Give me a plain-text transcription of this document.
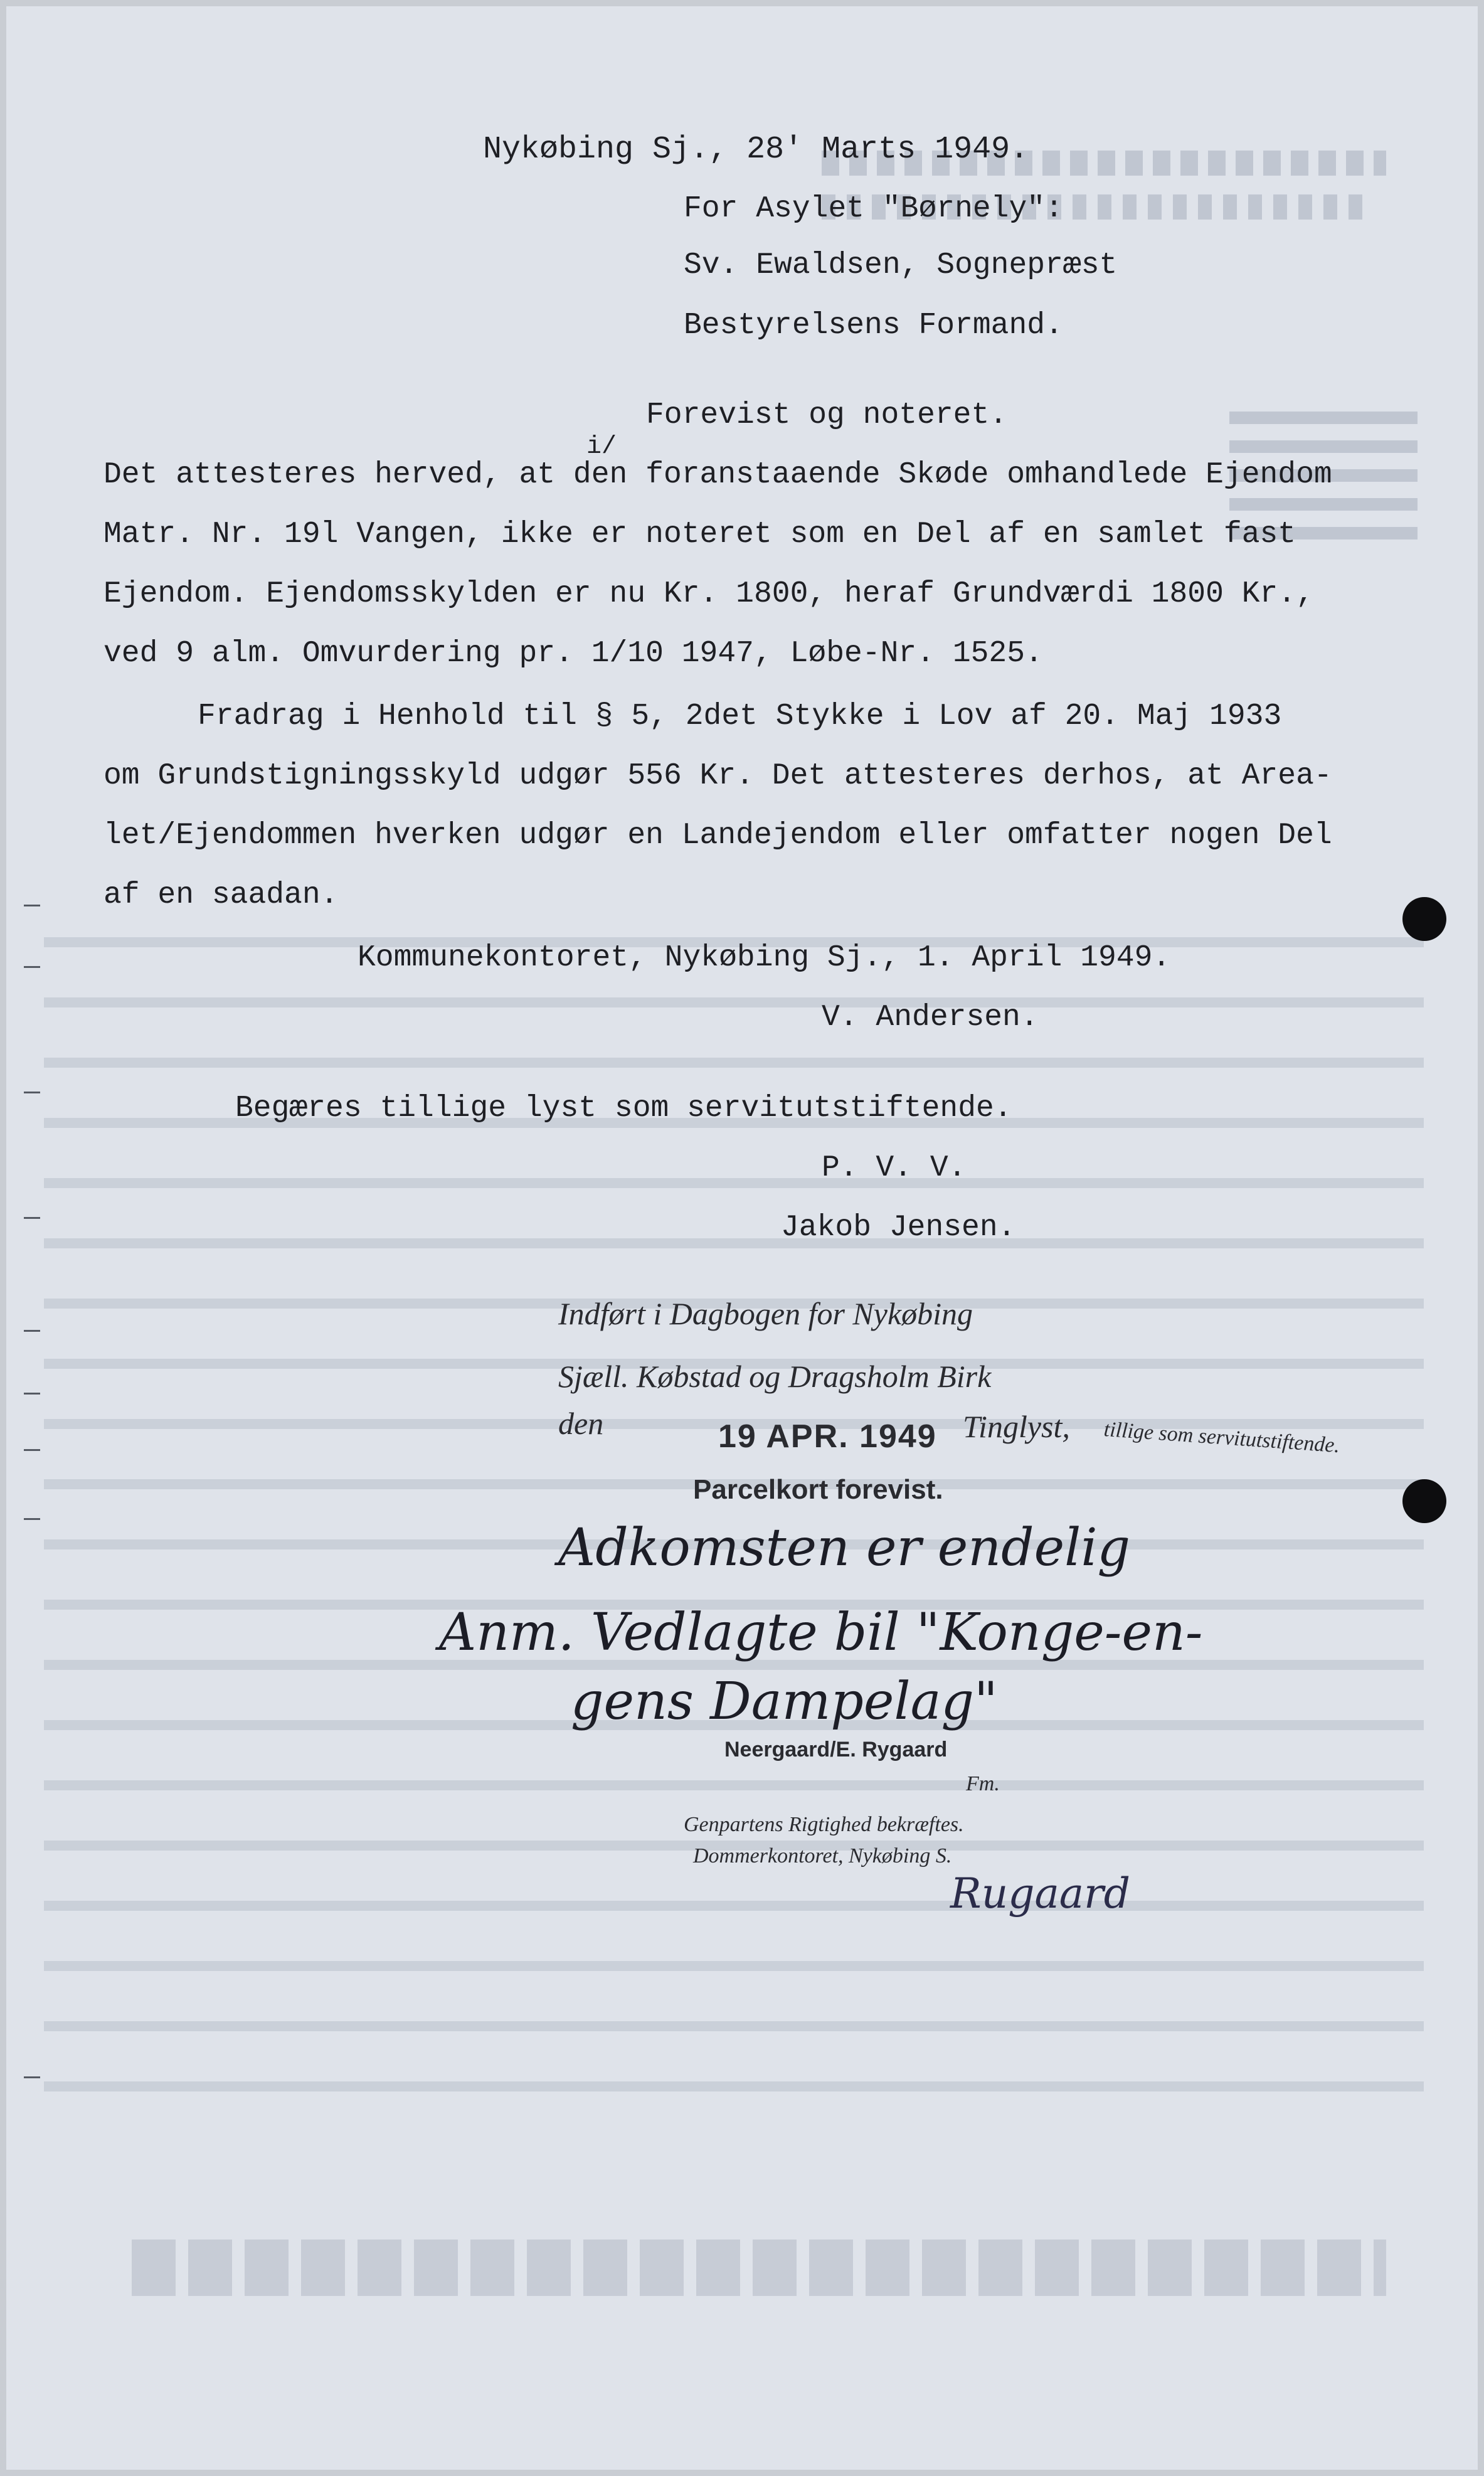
Nykøbing Sj., 28' Marts 1949.
For Asylet "Børnely":
Sv. Ewaldsen, Sognepræst
Bestyrelsens Formand.
Forevist og noteret.
i/
Det attesteres herved, at den foranstaaende Skøde omhandlede Ejendom
Matr. Nr. 19l Vangen, ikke er noteret som en Del af en samlet fast
Ejendom. Ejendomsskylden er nu Kr. 1800, heraf Grundværdi 1800 Kr.,
ved 9 alm. Omvurdering pr. 1/10 1947, Løbe-Nr. 1525.
Fradrag i Henhold til § 5, 2det Stykke i Lov af 20. Maj 1933
om Grundstigningsskyld udgør 556 Kr. Det attesteres derhos, at Area-
let/Ejendommen hverken udgør en Landejendom eller omfatter nogen Del
af en saadan.
Kommunekontoret, Nykøbing Sj., 1. April 1949.
V. Andersen.
Begæres tillige lyst som servitutstiftende.
P. V. V.
Jakob Jensen.
Indført i Dagbogen for Nykøbing
Sjæll. Købstad og Dragsholm Birk
den	19 APR. 1949 Tinglyst, tillige som servitutstiftende.
Parcelkort forevist.
Adkomsten er endelig
Anm. Vedlagte bil "Konge-en-
gens Dampelag"
Neergaard/E. Rygaard
Fm.
Genpartens Rigtighed bekræftes.
Dommerkontoret, Nykøbing S.
Rugaard
